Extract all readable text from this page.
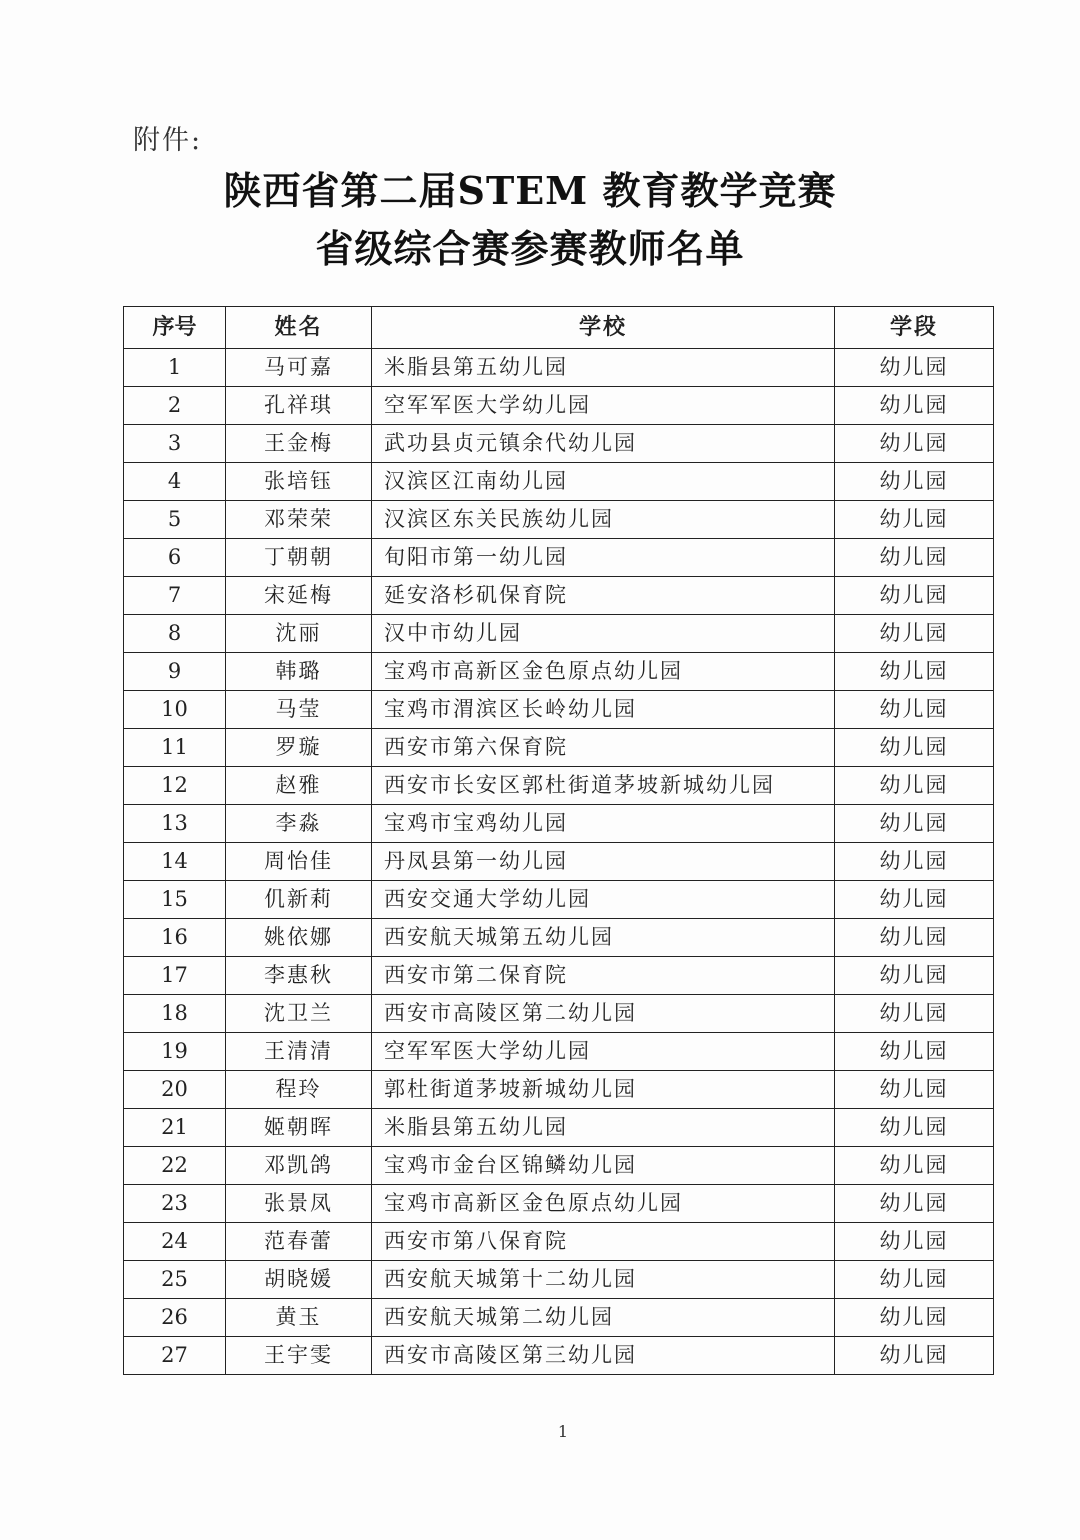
附件:
陕西省第二届STEM 教育教学竞赛
省级综合赛参赛教师名单
序号	姓名	学校	学段
1	马可嘉	米脂县第五幼儿园	幼儿园
2	孔祥琪	空军军医大学幼儿园	幼儿园
3	王金梅	武功县贞元镇余代幼儿园	幼儿园
4	张培钰	汉滨区江南幼儿园	幼儿园
5	邓荣荣	汉滨区东关民族幼儿园	幼儿园
6	丁朝朝	旬阳市第一幼儿园	幼儿园
7	宋延梅	延安洛杉矶保育院	幼儿园
8	沈丽	汉中市幼儿园	幼儿园
9	韩璐	宝鸡市高新区金色原点幼儿园	幼儿园
10	马莹	宝鸡市渭滨区长岭幼儿园	幼儿园
11	罗璇	西安市第六保育院	幼儿园
12	赵雅	西安市长安区郭杜街道茅坡新城幼儿园	幼儿园
13	李淼	宝鸡市宝鸡幼儿园	幼儿园
14	周怡佳	丹凤县第一幼儿园	幼儿园
15	仉新莉	西安交通大学幼儿园	幼儿园
16	姚依娜	西安航天城第五幼儿园	幼儿园
17	李惠秋	西安市第二保育院	幼儿园
18	沈卫兰	西安市高陵区第二幼儿园	幼儿园
19	王清清	空军军医大学幼儿园	幼儿园
20	程玲	郭杜街道茅坡新城幼儿园	幼儿园
21	姬朝晖	米脂县第五幼儿园	幼儿园
22	邓凯鸽	宝鸡市金台区锦鳞幼儿园	幼儿园
23	张景凤	宝鸡市高新区金色原点幼儿园	幼儿园
24	范春蕾	西安市第八保育院	幼儿园
25	胡晓媛	西安航天城第十二幼儿园	幼儿园
26	黄玉	西安航天城第二幼儿园	幼儿园
27	王宇雯	西安市高陵区第三幼儿园	幼儿园
1
